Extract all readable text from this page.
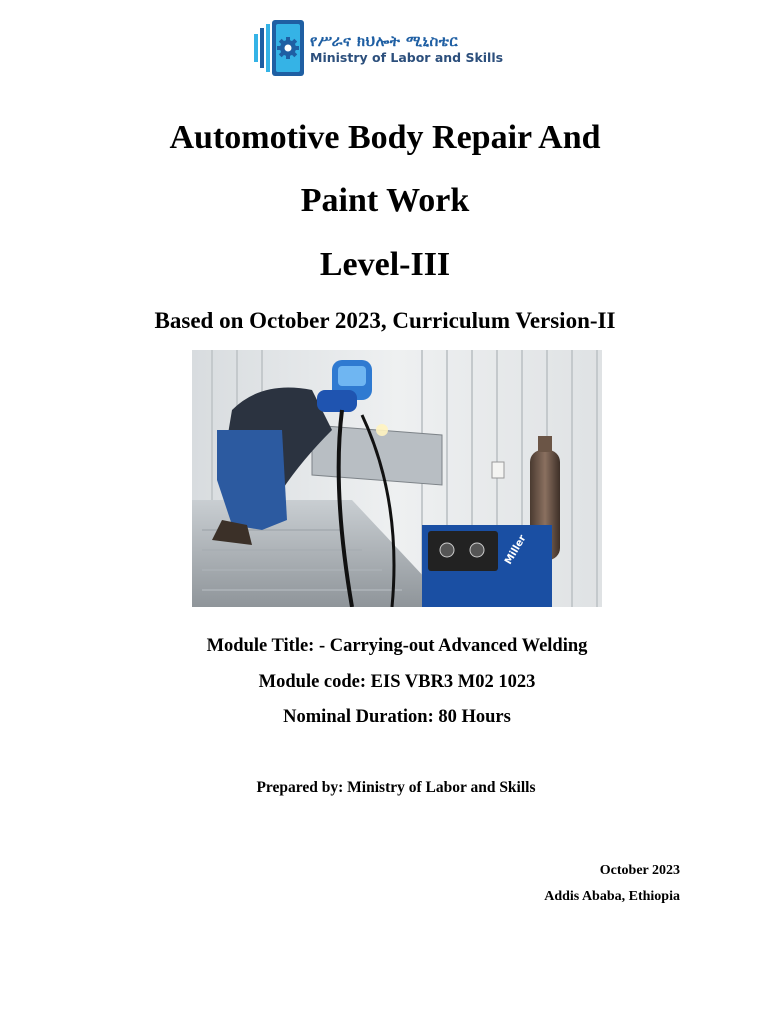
የሥራና ክህሎት ሚኒስቴር
Ministry of Labor and Skills
Automotive Body Repair And
Paint Work
Level-III
Based on October 2023, Curriculum Version-II
Miller
Module Title: - Carrying-out Advanced Welding
Module code: EIS VBR3 M02 1023
Nominal Duration: 80 Hours
Prepared by: Ministry of Labor and Skills
October 2023
Addis Ababa, Ethiopia
